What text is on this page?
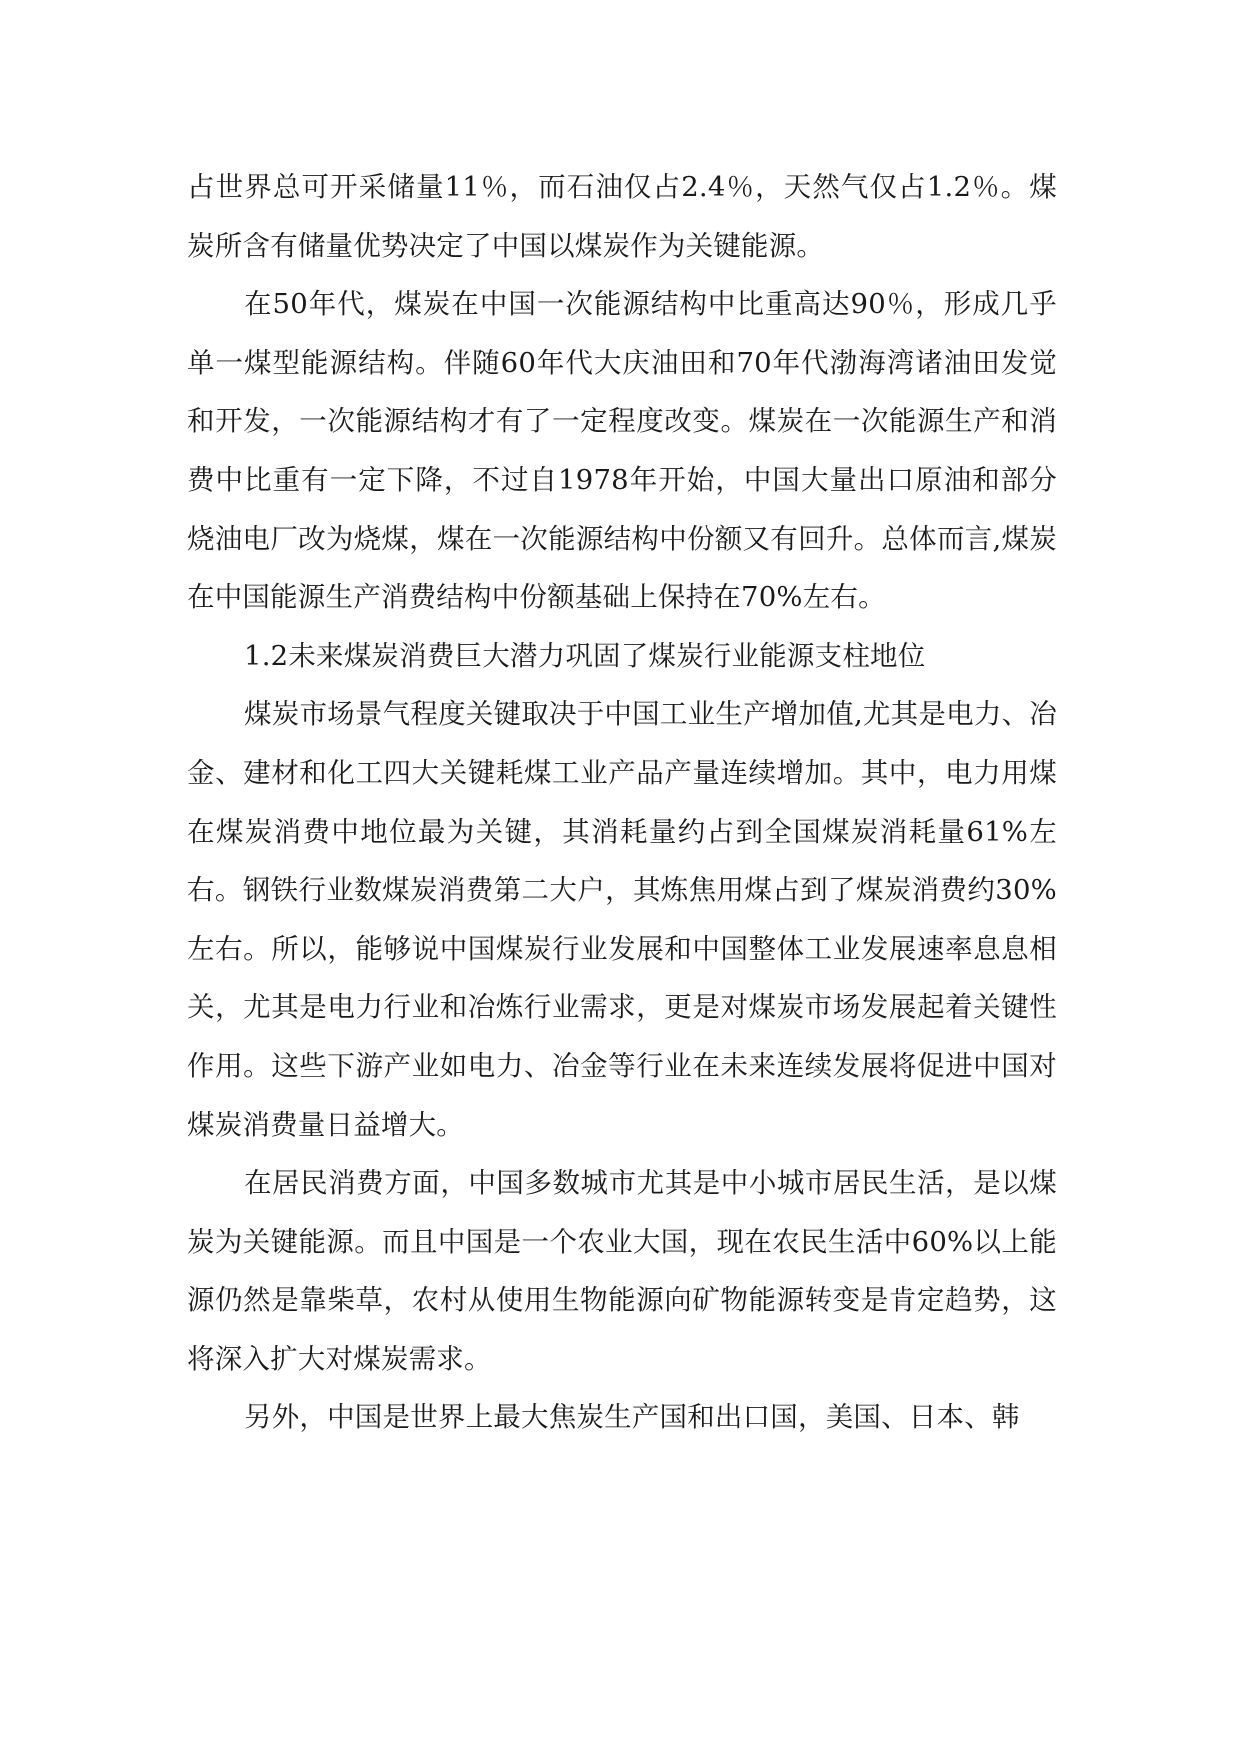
占世界总可开采储量11％，而石油仅占2.4％，天然气仅占1.2％。煤炭所含有储量优势决定了中国以煤炭作为关键能源。

在50年代，煤炭在中国一次能源结构中比重高达90％，形成几乎单一煤型能源结构。伴随60年代大庆油田和70年代渤海湾诸油田发觉和开发，一次能源结构才有了一定程度改变。煤炭在一次能源生产和消费中比重有一定下降，不过自1978年开始，中国大量出口原油和部分烧油电厂改为烧煤，煤在一次能源结构中份额又有回升。总体而言,煤炭在中国能源生产消费结构中份额基础上保持在70%左右。

1.2未来煤炭消费巨大潜力巩固了煤炭行业能源支柱地位

煤炭市场景气程度关键取决于中国工业生产增加值,尤其是电力、冶金、建材和化工四大关键耗煤工业产品产量连续增加。其中，电力用煤在煤炭消费中地位最为关键，其消耗量约占到全国煤炭消耗量61%左右。钢铁行业数煤炭消费第二大户，其炼焦用煤占到了煤炭消费约30%左右。所以，能够说中国煤炭行业发展和中国整体工业发展速率息息相关，尤其是电力行业和冶炼行业需求，更是对煤炭市场发展起着关键性作用。这些下游产业如电力、冶金等行业在未来连续发展将促进中国对煤炭消费量日益增大。

在居民消费方面，中国多数城市尤其是中小城市居民生活，是以煤炭为关键能源。而且中国是一个农业大国，现在农民生活中60%以上能源仍然是靠柴草，农村从使用生物能源向矿物能源转变是肯定趋势，这将深入扩大对煤炭需求。

另外，中国是世界上最大焦炭生产国和出口国，美国、日本、韩
